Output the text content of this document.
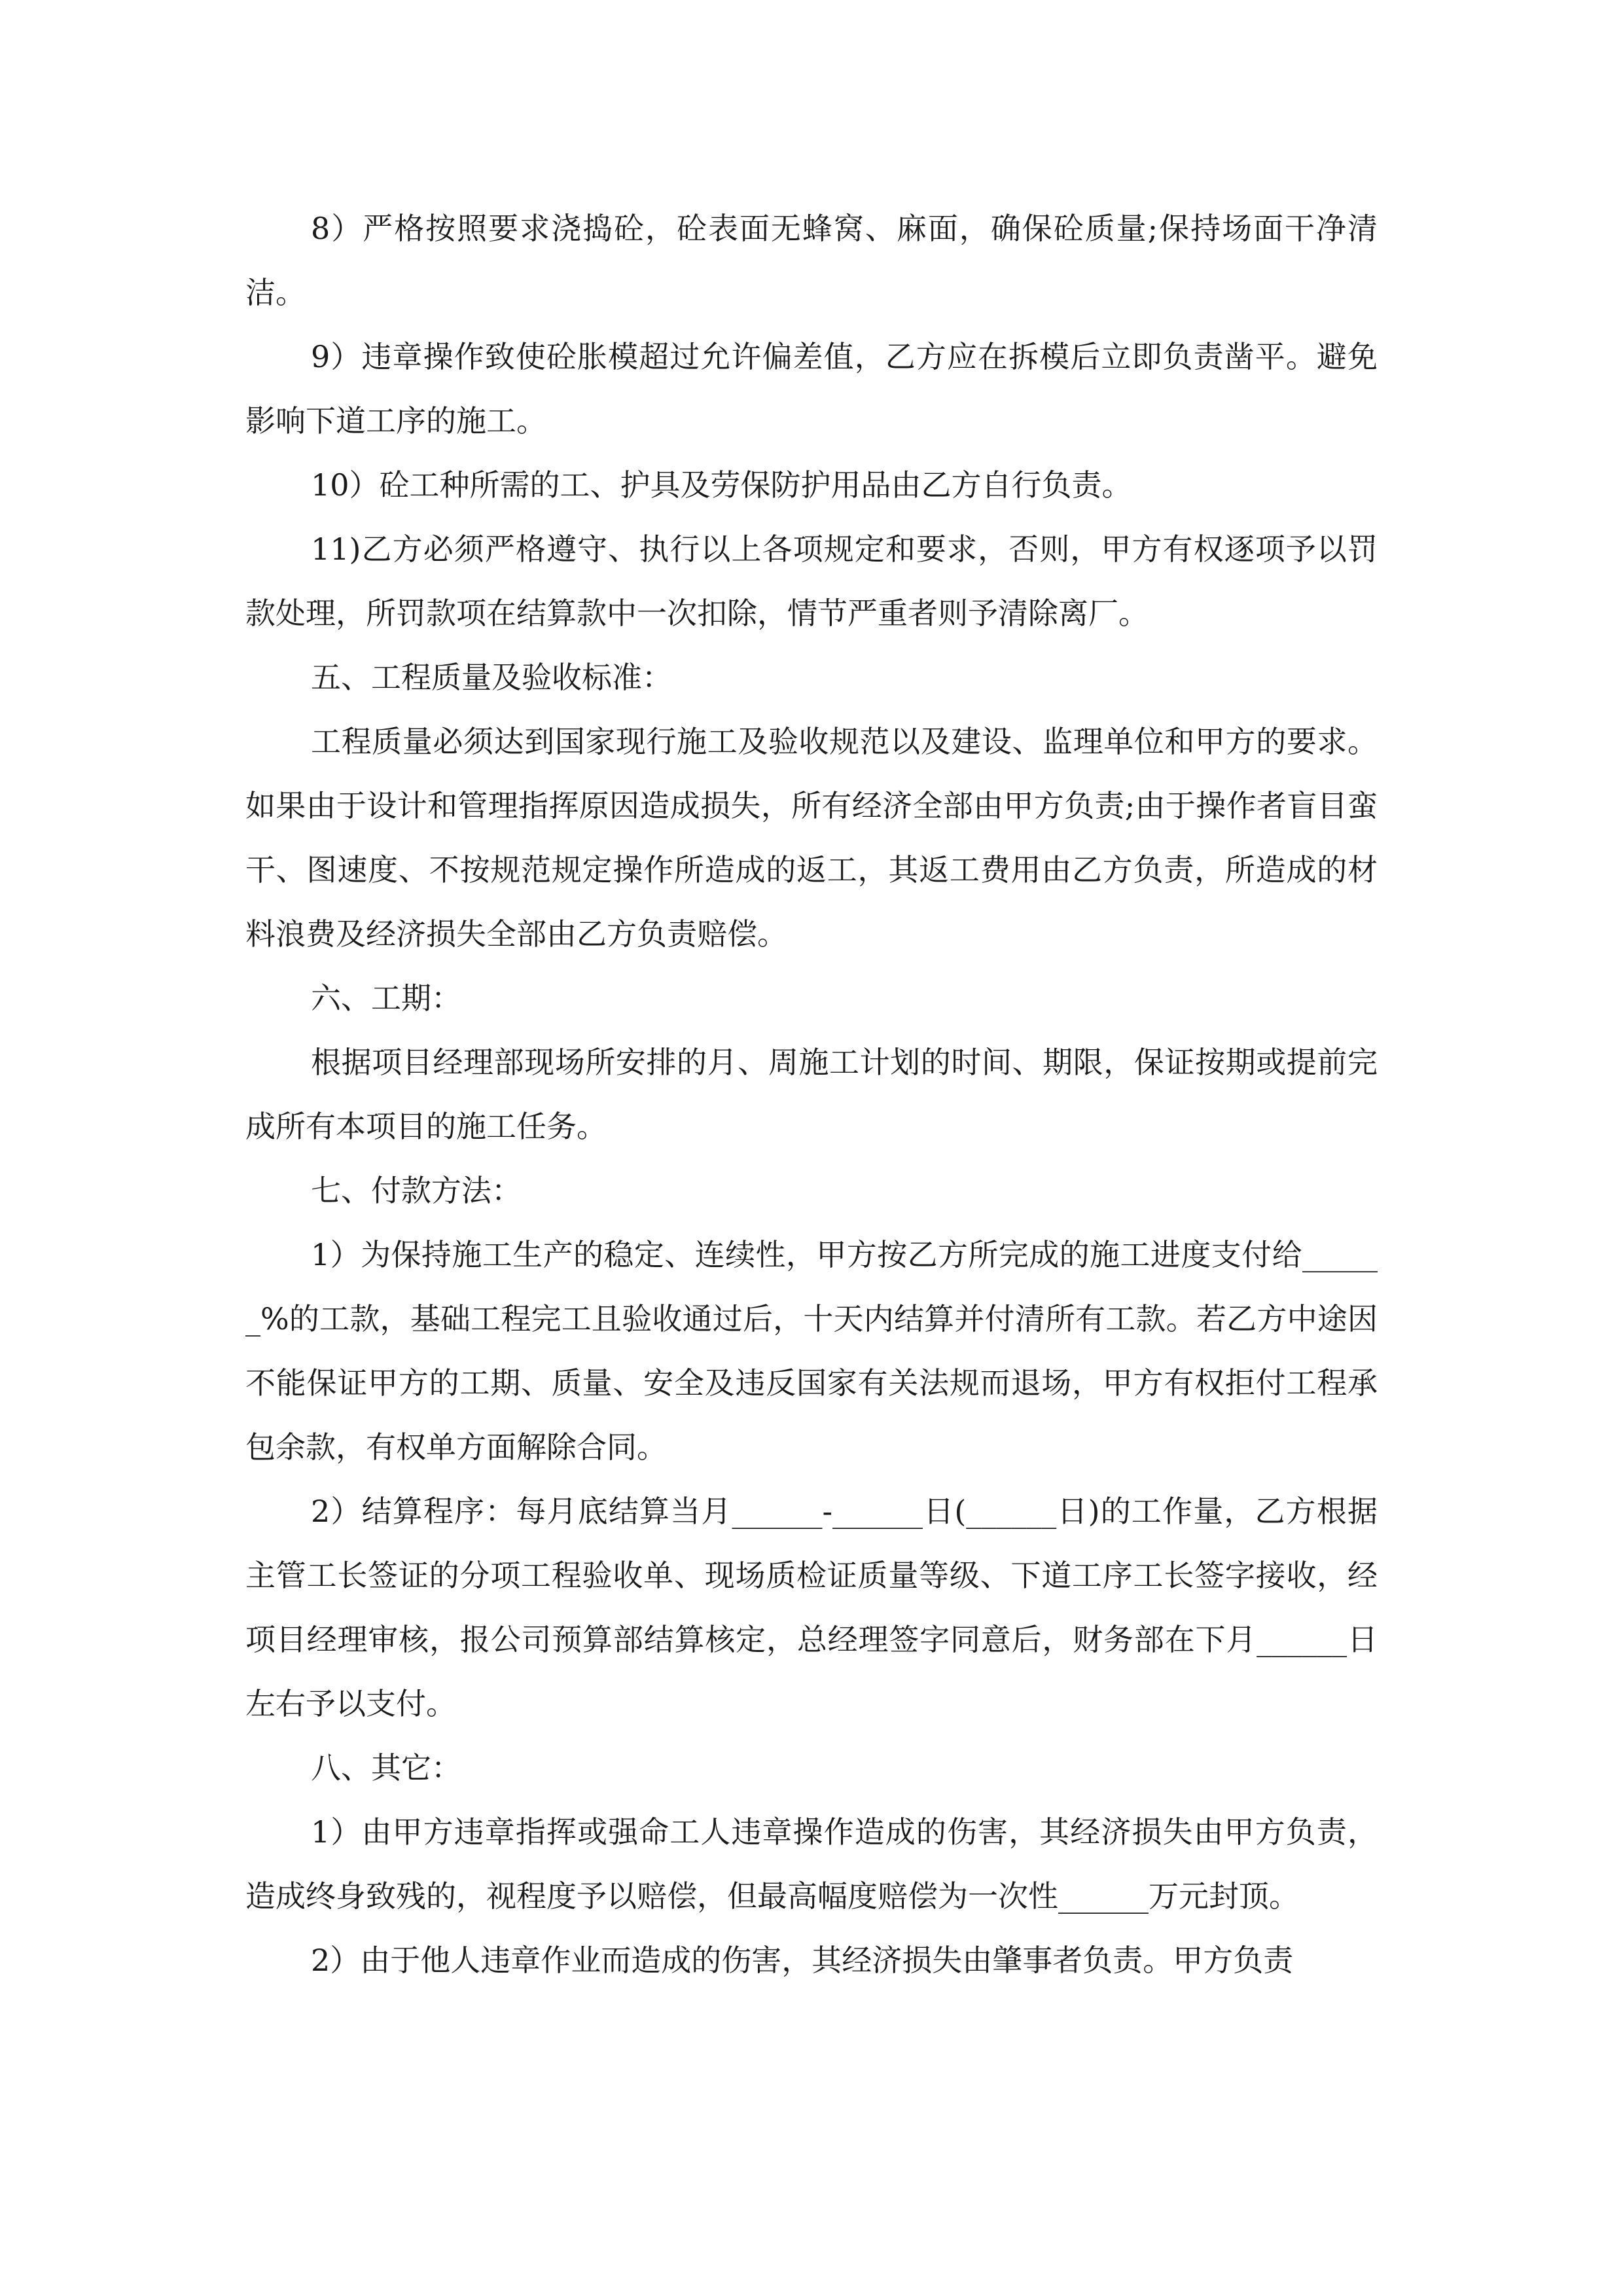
8）严格按照要求浇捣砼，砼表面无蜂窝、麻面，确保砼质量;保持场面干净清洁。

9）违章操作致使砼胀模超过允许偏差值，乙方应在拆模后立即负责凿平。避免影响下道工序的施工。

10）砼工种所需的工、护具及劳保防护用品由乙方自行负责。

11)乙方必须严格遵守、执行以上各项规定和要求，否则，甲方有权逐项予以罚款处理，所罚款项在结算款中一次扣除，情节严重者则予清除离厂。

五、工程质量及验收标准：

工程质量必须达到国家现行施工及验收规范以及建设、监理单位和甲方的要求。如果由于设计和管理指挥原因造成损失，所有经济全部由甲方负责;由于操作者盲目蛮干、图速度、不按规范规定操作所造成的返工，其返工费用由乙方负责，所造成的材料浪费及经济损失全部由乙方负责赔偿。

六、工期：

根据项目经理部现场所安排的月、周施工计划的时间、期限，保证按期或提前完成所有本项目的施工任务。

七、付款方法：

1）为保持施工生产的稳定、连续性，甲方按乙方所完成的施工进度支付给______%的工款，基础工程完工且验收通过后，十天内结算并付清所有工款。若乙方中途因不能保证甲方的工期、质量、安全及违反国家有关法规而退场，甲方有权拒付工程承包余款，有权单方面解除合同。

2）结算程序：每月底结算当月______-______日(______日)的工作量，乙方根据主管工长签证的分项工程验收单、现场质检证质量等级、下道工序工长签字接收，经项目经理审核，报公司预算部结算核定，总经理签字同意后，财务部在下月______日左右予以支付。

八、其它：

1）由甲方违章指挥或强命工人违章操作造成的伤害，其经济损失由甲方负责，造成终身致残的，视程度予以赔偿，但最高幅度赔偿为一次性______万元封顶。

2）由于他人违章作业而造成的伤害，其经济损失由肇事者负责。甲方负责
